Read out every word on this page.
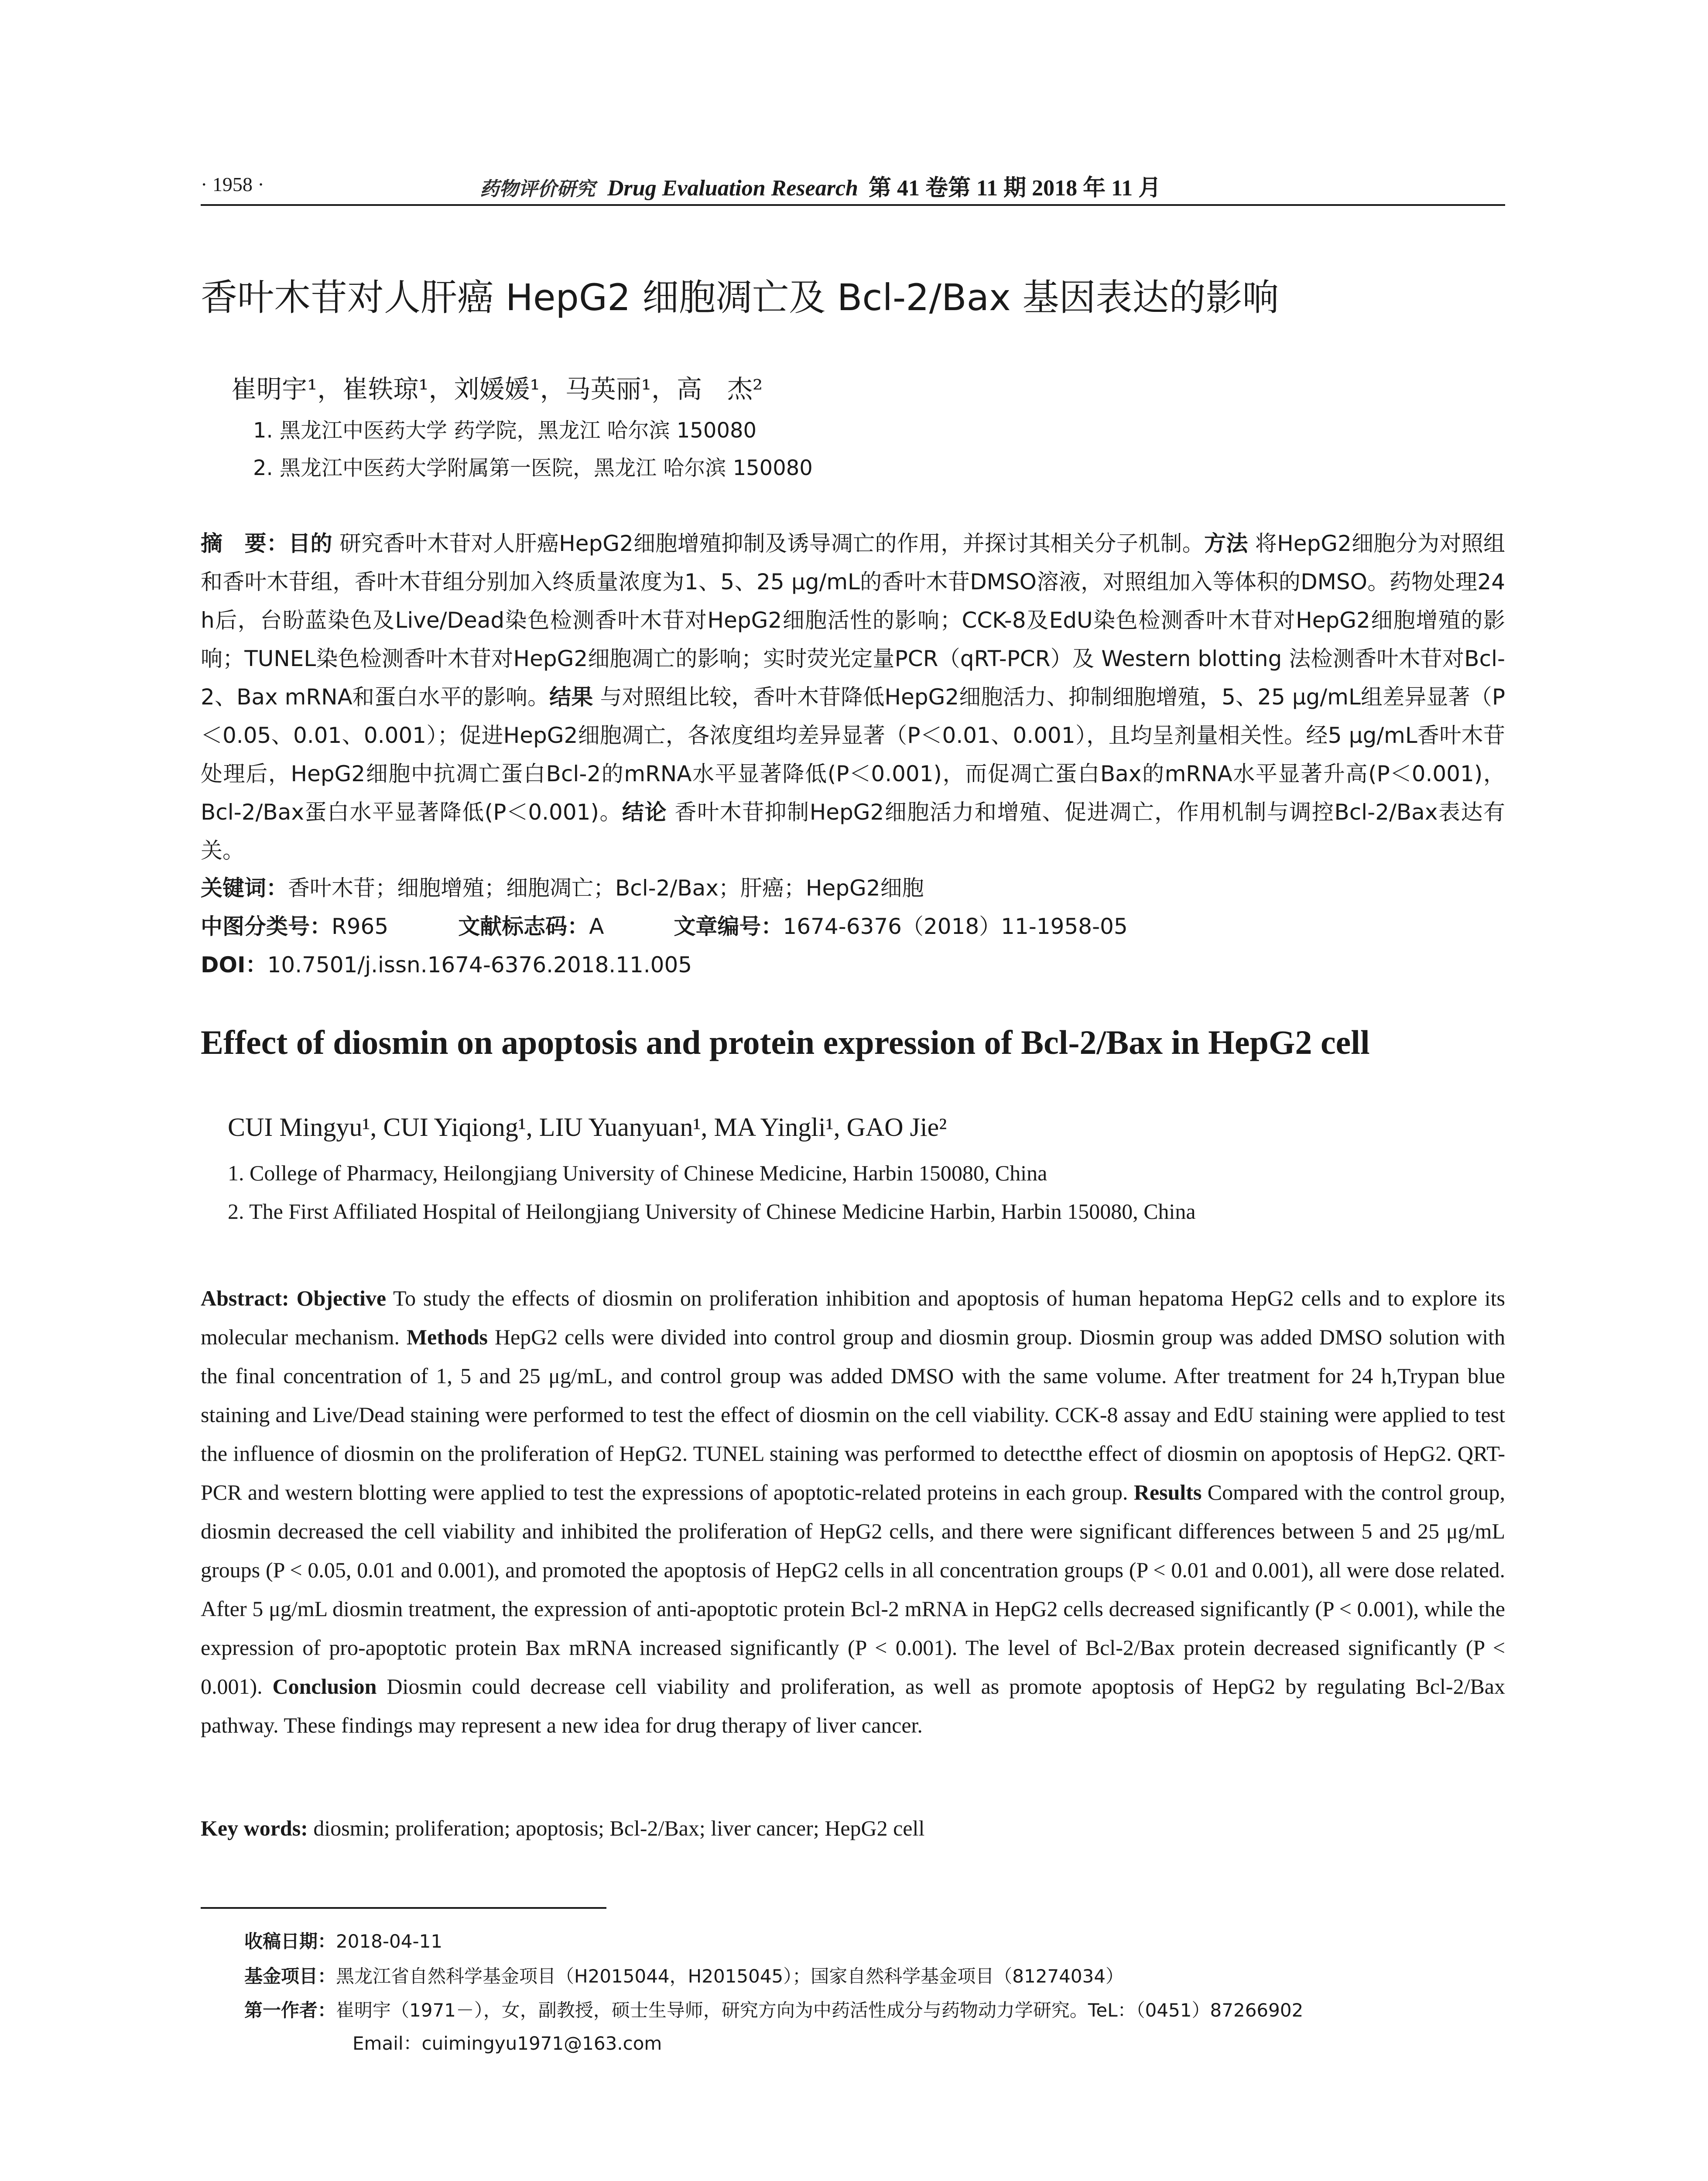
· 1958 ·	药物评价研究 Drug Evaluation Research 第 41 卷第 11 期 2018 年 11 月
香叶木苷对人肝癌 HepG2 细胞凋亡及 Bcl-2/Bax 基因表达的影响
崔明宇¹，崔轶琼¹，刘媛媛¹，马英丽¹，高　杰²
1. 黑龙江中医药大学 药学院，黑龙江 哈尔滨 150080
2. 黑龙江中医药大学附属第一医院，黑龙江 哈尔滨 150080
摘　要：目的 研究香叶木苷对人肝癌HepG2细胞增殖抑制及诱导凋亡的作用，并探讨其相关分子机制。方法 将HepG2细胞分为对照组和香叶木苷组，香叶木苷组分别加入终质量浓度为1、5、25 μg/mL的香叶木苷DMSO溶液，对照组加入等体积的DMSO。药物处理24 h后，台盼蓝染色及Live/Dead染色检测香叶木苷对HepG2细胞活性的影响；CCK-8及EdU染色检测香叶木苷对HepG2细胞增殖的影响；TUNEL染色检测香叶木苷对HepG2细胞凋亡的影响；实时荧光定量PCR（qRT-PCR）及 Western blotting 法检测香叶木苷对Bcl-2、Bax mRNA和蛋白水平的影响。结果 与对照组比较，香叶木苷降低HepG2细胞活力、抑制细胞增殖，5、25 μg/mL组差异显著（P＜0.05、0.01、0.001）；促进HepG2细胞凋亡，各浓度组均差异显著（P＜0.01、0.001），且均呈剂量相关性。经5 μg/mL香叶木苷处理后，HepG2细胞中抗凋亡蛋白Bcl-2的mRNA水平显著降低(P＜0.001)，而促凋亡蛋白Bax的mRNA水平显著升高(P＜0.001)，Bcl-2/Bax蛋白水平显著降低(P＜0.001)。结论 香叶木苷抑制HepG2细胞活力和增殖、促进凋亡，作用机制与调控Bcl-2/Bax表达有关。
关键词：香叶木苷；细胞增殖；细胞凋亡；Bcl-2/Bax；肝癌；HepG2细胞
中图分类号：R965	文献标志码：A	文章编号：1674-6376（2018）11-1958-05
DOI：10.7501/j.issn.1674-6376.2018.11.005
Effect of diosmin on apoptosis and protein expression of Bcl-2/Bax in HepG2 cell
CUI Mingyu¹, CUI Yiqiong¹, LIU Yuanyuan¹, MA Yingli¹, GAO Jie²
1. College of Pharmacy, Heilongjiang University of Chinese Medicine, Harbin 150080, China
2. The First Affiliated Hospital of Heilongjiang University of Chinese Medicine Harbin, Harbin 150080, China
Abstract: Objective To study the effects of diosmin on proliferation inhibition and apoptosis of human hepatoma HepG2 cells and to explore its molecular mechanism. Methods HepG2 cells were divided into control group and diosmin group. Diosmin group was added DMSO solution with the final concentration of 1, 5 and 25 μg/mL, and control group was added DMSO with the same volume. After treatment for 24 h,Trypan blue staining and Live/Dead staining were performed to test the effect of diosmin on the cell viability. CCK-8 assay and EdU staining were applied to test the influence of diosmin on the proliferation of HepG2. TUNEL staining was performed to detectthe effect of diosmin on apoptosis of HepG2. QRT-PCR and western blotting were applied to test the expressions of apoptotic-related proteins in each group. Results Compared with the control group, diosmin decreased the cell viability and inhibited the proliferation of HepG2 cells, and there were significant differences between 5 and 25 μg/mL groups (P < 0.05, 0.01 and 0.001), and promoted the apoptosis of HepG2 cells in all concentration groups (P < 0.01 and 0.001), all were dose related. After 5 μg/mL diosmin treatment, the expression of anti-apoptotic protein Bcl-2 mRNA in HepG2 cells decreased significantly (P < 0.001), while the expression of pro-apoptotic protein Bax mRNA increased significantly (P < 0.001). The level of Bcl-2/Bax protein decreased significantly (P < 0.001). Conclusion Diosmin could decrease cell viability and proliferation, as well as promote apoptosis of HepG2 by regulating Bcl-2/Bax pathway. These findings may represent a new idea for drug therapy of liver cancer.
Key words: diosmin; proliferation; apoptosis; Bcl-2/Bax; liver cancer; HepG2 cell
收稿日期：2018-04-11
基金项目：黑龙江省自然科学基金项目（H2015044，H2015045）；国家自然科学基金项目（81274034）
第一作者：崔明宇（1971－），女，副教授，硕士生导师，研究方向为中药活性成分与药物动力学研究。TeL：（0451）87266902
Email：cuimingyu1971@163.com
